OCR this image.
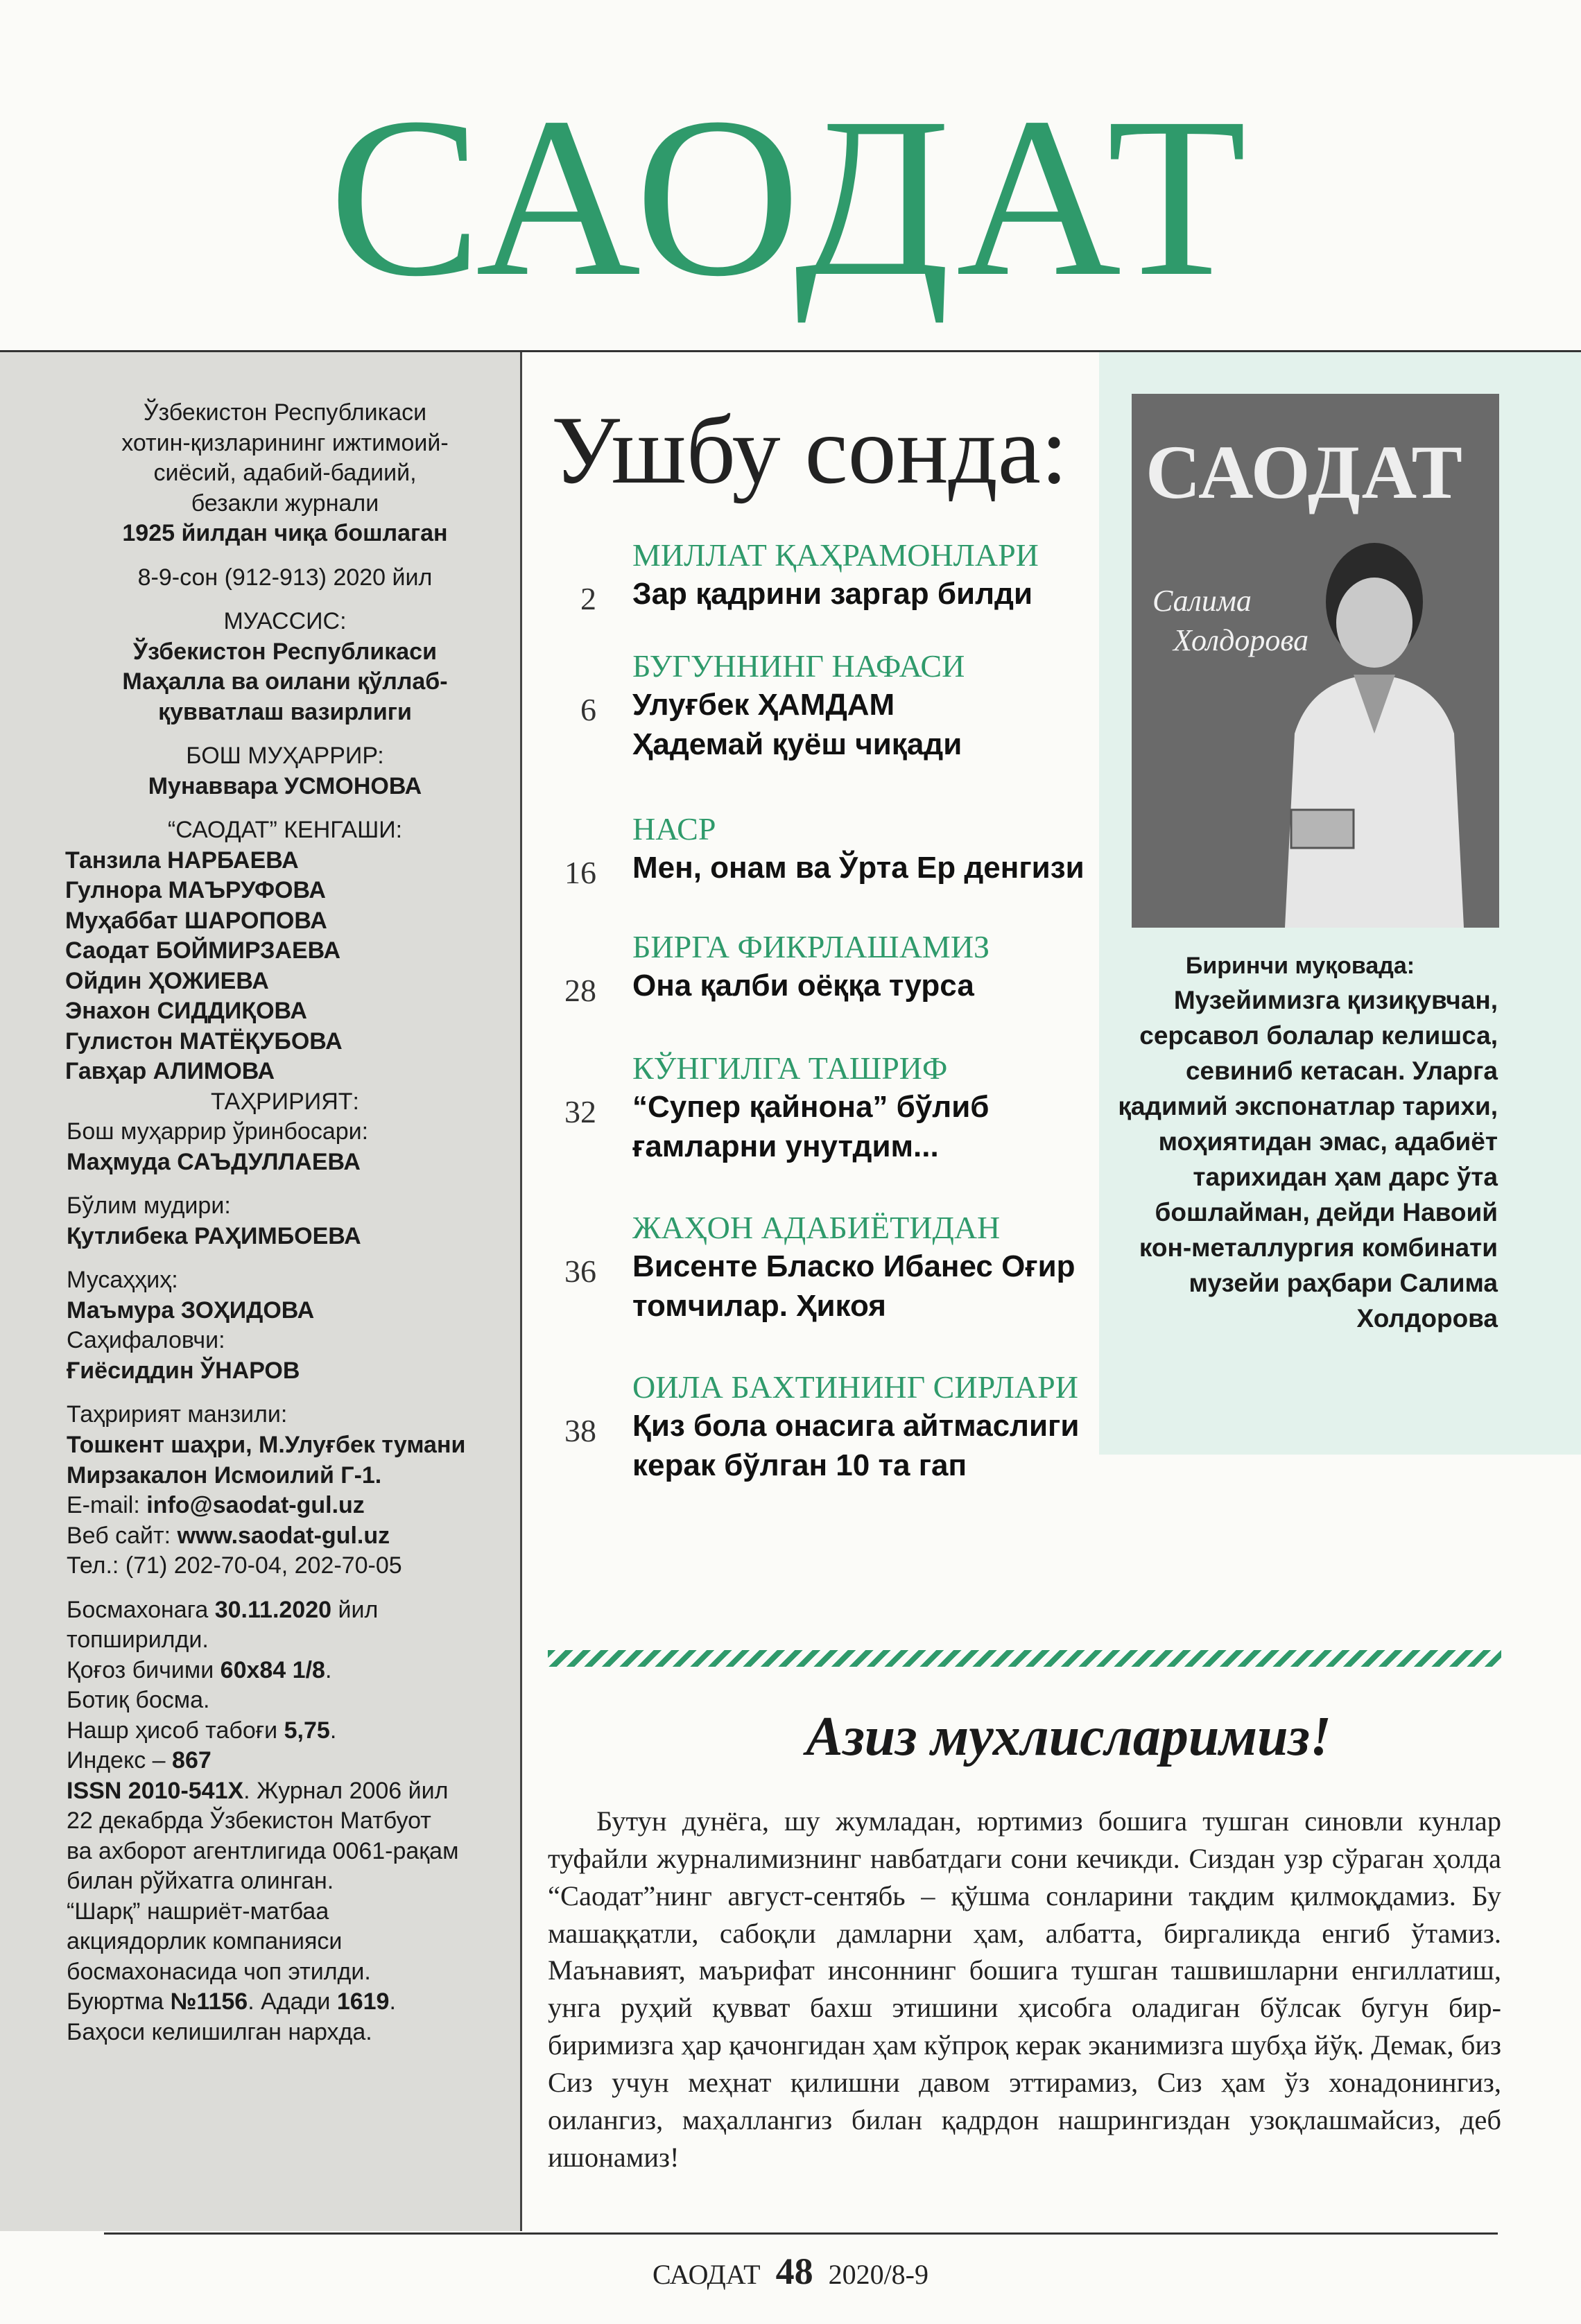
САОДАТ
Ўзбекистон Республикаси
хотин-қизларининг ижтимоий-
сиёсий, адабий-бадиий,
безакли журнали
1925 йилдан чиқа бошлаган
8-9-сон (912-913) 2020 йил
МУАССИС:
Ўзбекистон Республикаси
Маҳалла ва оилани қўллаб-
қувватлаш вазирлиги
БОШ МУҲАРРИР:
Мунаввара УСМОНОВА
“САОДАТ” КЕНГАШИ:
Танзила НАРБАЕВА
Гулнора МАЪРУФОВА
Муҳаббат ШАРОПОВА
Саодат БОЙМИРЗАЕВА
Ойдин ҲОЖИЕВА
Энахон СИДДИҚОВА
Гулистон МАТЁҚУБОВА
Гавҳар АЛИМОВА
ТАҲРИРИЯТ:
Бош муҳаррир ўринбосари:
Маҳмуда САЪДУЛЛАЕВА
Бўлим мудири:
Қутлибека РАҲИМБОЕВА
Мусаҳҳиҳ:
Маъмура ЗОҲИДОВА
Саҳифаловчи:
Ғиёсиддин ЎНАРОВ
Таҳририят манзили:
Тошкент шаҳри, М.Улуғбек тумани
Мирзакалон Исмоилий Г-1.
E-mail: info@saodat-gul.uz
Веб сайт: www.saodat-gul.uz
Тел.: (71) 202-70-04, 202-70-05
Босмахонага 30.11.2020 йил
топширилди.
Қоғоз бичими 60х84 1/8.
Ботиқ босма.
Нашр ҳисоб табоғи 5,75.
Индекс – 867
ISSN 2010-541X. Журнал 2006 йил
22 декабрда Ўзбекистон Матбуот
ва ахборот агентлигида 0061-рақам
билан рўйхатга олинган.
“Шарқ” нашриёт-матбаа
акциядорлик компанияси
босмахонасида чоп этилди.
Буюртма №1156. Адади 1619.
Баҳоси келишилган нархда.
Ушбу сонда:
МИЛЛАТ ҚАҲРАМОНЛАРИ
2 Зар қадрини заргар билди
БУГУННИНГ НАФАСИ
6 Улуғбек ҲАМДАМ Ҳадемай қуёш чиқади
НАСР
16 Мен, онам ва Ўрта Ер денгизи
БИРГА ФИКРЛАШАМИЗ
28 Она қалби оёққа турса
КЎНГИЛГА ТАШРИФ
32 “Супер қайнона” бўлиб ғамларни унутдим...
ЖАҲОН АДАБИЁТИДАН
36 Висенте Бласко Ибанес Оғир томчилар. Ҳикоя
ОИЛА БАХТИНИНГ СИРЛАРИ
38 Қиз бола онасига айтмаслиги керак бўлган 10 та гап
САОДАТ
Салима
Холдорова
Биринчи муқовада:
Музейимизга қизиқувчан, серсавол болалар келишса, севиниб кетасан. Уларга қадимий экспонатлар тарихи, моҳиятидан эмас, адабиёт тарихидан ҳам дарс ўта бошлайман, дейди Навоий кон-металлургия комбинати музейи раҳбари Салима Холдорова
Азиз мухлисларимиз!
Бутун дунёга, шу жумладан, юртимиз бошига тушган синовли кунлар туфайли журналимизнинг навбатдаги сони кечикди. Сиздан узр сўраган ҳолда “Саодат”нинг август-сентябь – қўшма сонларини тақдим қилмоқдамиз. Бу машаққатли, сабоқли дамларни ҳам, албатта, биргаликда енгиб ўтамиз. Маънавият, маърифат инсоннинг бошига тушган ташвишларни енгиллатиш, унга руҳий қувват бахш этишини ҳисобга оладиган бўлсак бугун бир-биримизга ҳар қачонгидан ҳам кўпроқ керак эканимизга шубҳа йўқ. Демак, биз Сиз учун меҳнат қилишни давом эттирамиз, Сиз ҳам ўз хонадонингиз, оилангиз, маҳаллангиз билан қадрдон нашрингиздан узоқлашмайсиз, деб ишонамиз!
САОДАТ 48 2020/8-9
